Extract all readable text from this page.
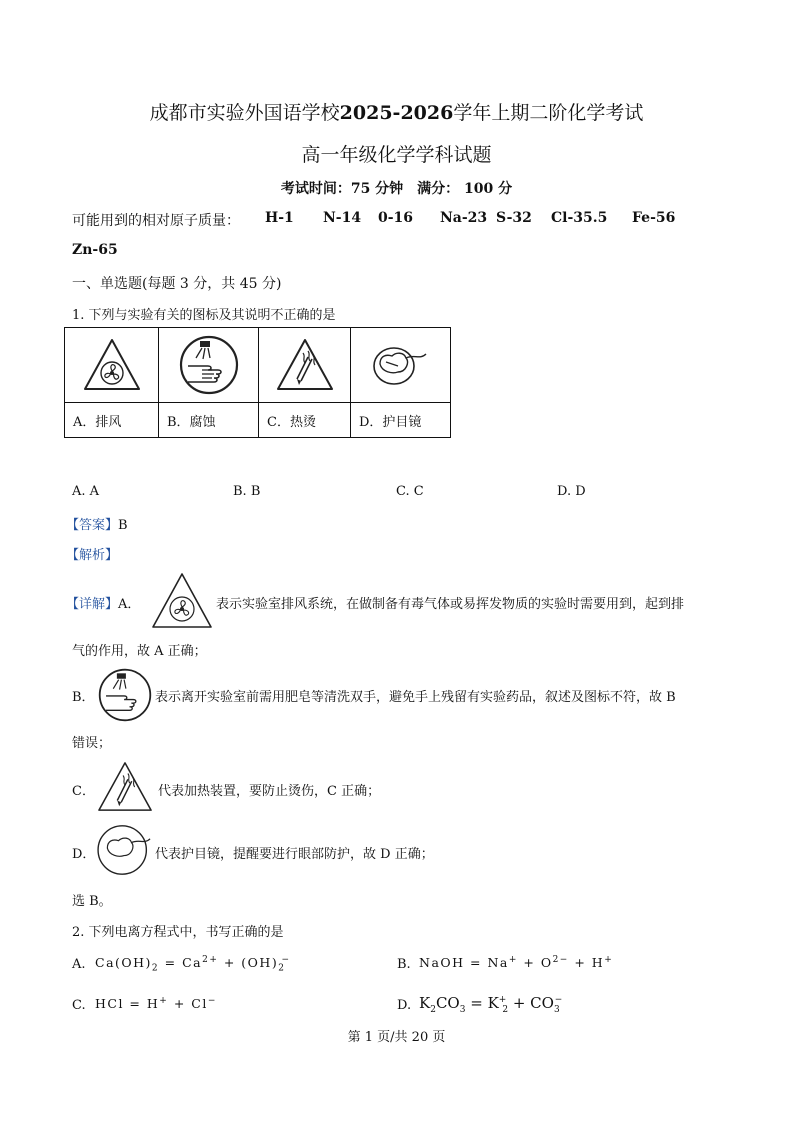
成都市实验外国语学校2025-2026学年上期二阶化学考试
高一年级化学学科试题
考试时间：75 分钟　满分： 100 分
可能用到的相对原子质量： H-1 N-14 0-16 Na-23 S-32 Cl-35.5 Fe-56
Zn-65
一、单选题(每题 3 分，共 45 分)
1. 下列与实验有关的图标及其说明不正确的是

A．排风	B．腐蚀	C．热烫	D．护目镜
A. A	B. B	C. C	D. D
【答案】B
【解析】
【详解】A．	表示实验室排风系统，在做制备有毒气体或易挥发物质的实验时需要用到，起到排
气的作用，故 A 正确；
B．	表示离开实验室前需用肥皂等清洗双手，避免手上残留有实验药品，叙述及图标不符，故 B
错误；
C．	代表加热装置，要防止烫伤，C 正确；
D．	代表护目镜，提醒要进行眼部防护，故 D 正确；
选 B。
2. 下列电离方程式中，书写正确的是
A. $Ca(OH)_2 = Ca^{2+} + (OH)_2^-$	B. NaOH = $Na^+ + O^{2-} + H^+$
C. HCl = H+ + Cl−	D. $K_2CO_3 = K_{+2} + CO_3^-$
第 1 页/共 20 页
